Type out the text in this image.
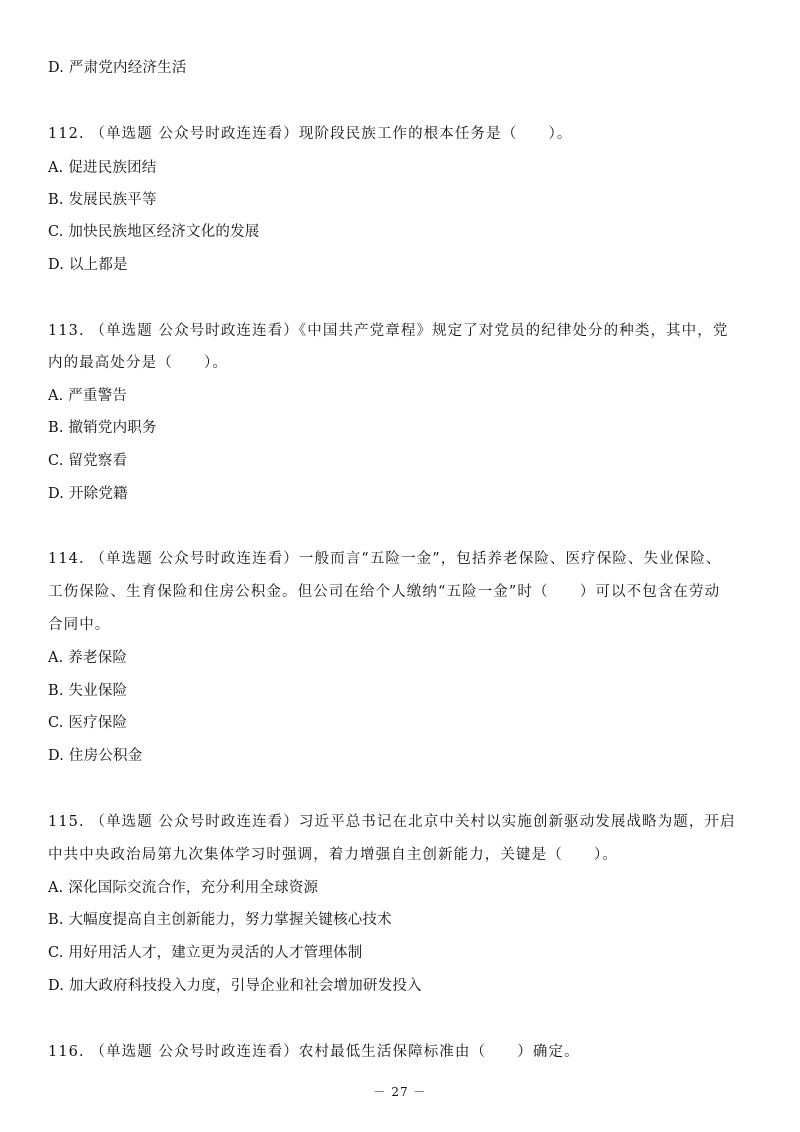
D. 严肃党内经济生活
112. （单选题 公众号时政连连看）现阶段民族工作的根本任务是（　　）。
A. 促进民族团结
B. 发展民族平等
C. 加快民族地区经济文化的发展
D. 以上都是
113. （单选题 公众号时政连连看）《中国共产党章程》规定了对党员的纪律处分的种类，其中，党
内的最高处分是（　　）。
A. 严重警告
B. 撤销党内职务
C. 留党察看
D. 开除党籍
114. （单选题 公众号时政连连看）一般而言“五险一金”，包括养老保险、医疗保险、失业保险、
工伤保险、生育保险和住房公积金。但公司在给个人缴纳“五险一金”时（　　）可以不包含在劳动
合同中。
A. 养老保险
B. 失业保险
C. 医疗保险
D. 住房公积金
115. （单选题 公众号时政连连看）习近平总书记在北京中关村以实施创新驱动发展战略为题，开启
中共中央政治局第九次集体学习时强调，着力增强自主创新能力，关键是（　　）。
A. 深化国际交流合作，充分利用全球资源
B. 大幅度提高自主创新能力，努力掌握关键核心技术
C. 用好用活人才，建立更为灵活的人才管理体制
D. 加大政府科技投入力度，引导企业和社会增加研发投入
116. （单选题 公众号时政连连看）农村最低生活保障标准由（　　）确定。
－ 27 －
